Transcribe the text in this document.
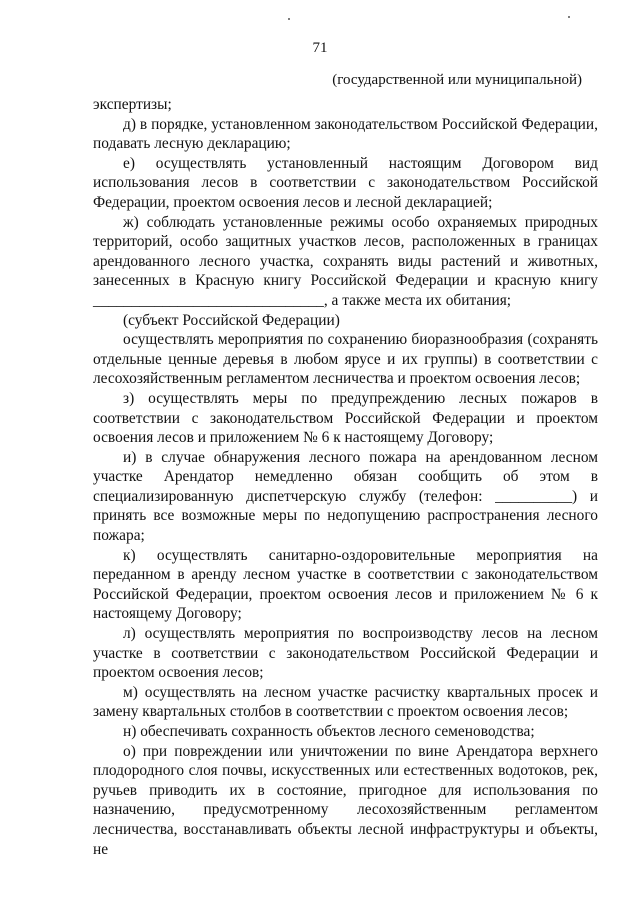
71
(государственной или муниципальной)

экспертизы;

д) в порядке, установленном законодательством Российской Федерации, подавать лесную декларацию;

е) осуществлять установленный настоящим Договором вид использования лесов в соответствии с законодательством Российской Федерации, проектом освоения лесов и лесной декларацией;

ж) соблюдать установленные режимы особо охраняемых природных территорий, особо защитных участков лесов, расположенных в границах арендованного лесного участка, сохранять виды растений и животных, занесенных в Красную книгу Российской Федерации и красную книгу ______________________________, а также места их обитания;

(субъект Российской Федерации)

осуществлять мероприятия по сохранению биоразнообразия (сохранять отдельные ценные деревья в любом ярусе и их группы) в соответствии с лесохозяйственным регламентом лесничества и проектом освоения лесов;

з) осуществлять меры по предупреждению лесных пожаров в соответствии с законодательством Российской Федерации и проектом освоения лесов и приложением № 6 к настоящему Договору;

и) в случае обнаружения лесного пожара на арендованном лесном участке Арендатор немедленно обязан сообщить об этом в специализированную диспетчерскую службу (телефон: __________) и принять все возможные меры по недопущению распространения лесного пожара;

к) осуществлять санитарно-оздоровительные мероприятия на переданном в аренду лесном участке в соответствии с законодательством Российской Федерации, проектом освоения лесов и приложением № 6 к настоящему Договору;

л) осуществлять мероприятия по воспроизводству лесов на лесном участке в соответствии с законодательством Российской Федерации и проектом освоения лесов;

м) осуществлять на лесном участке расчистку квартальных просек и замену квартальных столбов в соответствии с проектом освоения лесов;

н) обеспечивать сохранность объектов лесного семеноводства;

о) при повреждении или уничтожении по вине Арендатора верхнего плодородного слоя почвы, искусственных или естественных водотоков, рек, ручьев приводить их в состояние, пригодное для использования по назначению, предусмотренному лесохозяйственным регламентом лесничества, восстанавливать объекты лесной инфраструктуры и объекты, не
